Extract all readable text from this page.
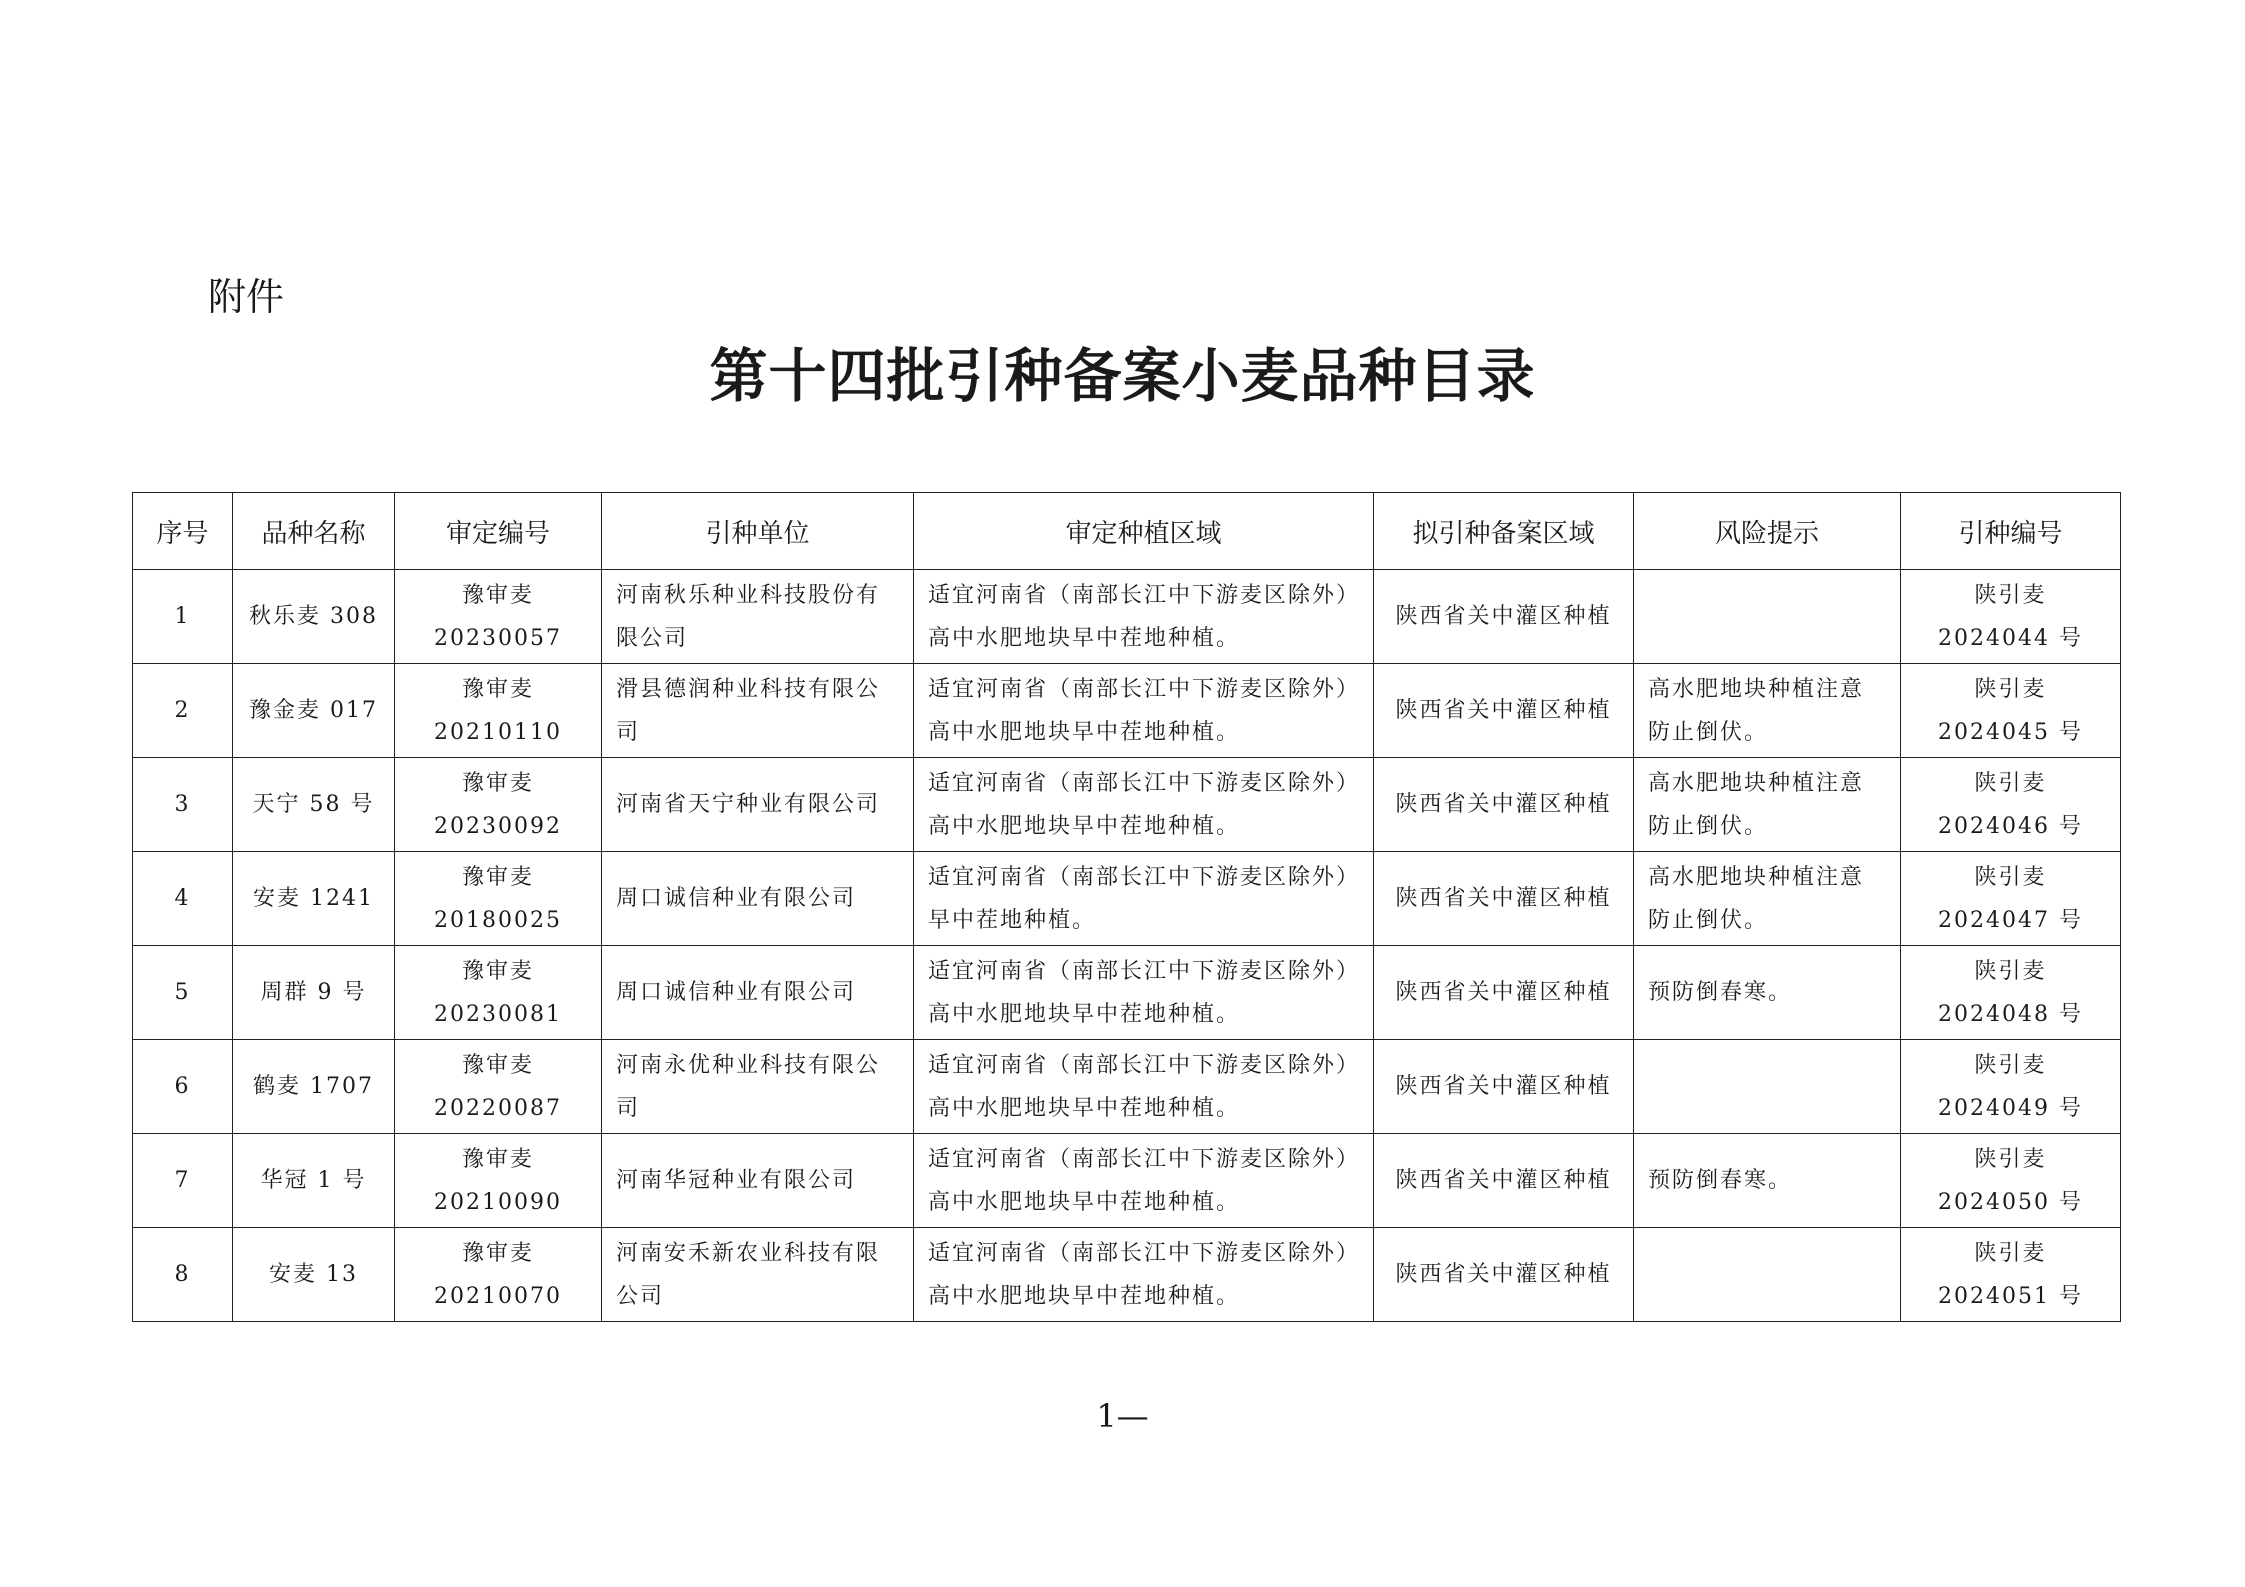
附件
第十四批引种备案小麦品种目录
序号	品种名称	审定编号	引种单位	审定种植区域	拟引种备案区域	风险提示	引种编号
1	秋乐麦 308	豫审麦 20230057	河南秋乐种业科技股份有限公司	适宜河南省（南部长江中下游麦区除外）高中水肥地块早中茬地种植。	陕西省关中灌区种植		陕引麦 2024044 号
2	豫金麦 017	豫审麦 20210110	滑县德润种业科技有限公司	适宜河南省（南部长江中下游麦区除外）高中水肥地块早中茬地种植。	陕西省关中灌区种植	高水肥地块种植注意防止倒伏。	陕引麦 2024045 号
3	天宁 58 号	豫审麦 20230092	河南省天宁种业有限公司	适宜河南省（南部长江中下游麦区除外）高中水肥地块早中茬地种植。	陕西省关中灌区种植	高水肥地块种植注意防止倒伏。	陕引麦 2024046 号
4	安麦 1241	豫审麦 20180025	周口诚信种业有限公司	适宜河南省（南部长江中下游麦区除外）早中茬地种植。	陕西省关中灌区种植	高水肥地块种植注意防止倒伏。	陕引麦 2024047 号
5	周群 9 号	豫审麦 20230081	周口诚信种业有限公司	适宜河南省（南部长江中下游麦区除外）高中水肥地块早中茬地种植。	陕西省关中灌区种植	预防倒春寒。	陕引麦 2024048 号
6	鹤麦 1707	豫审麦 20220087	河南永优种业科技有限公司	适宜河南省（南部长江中下游麦区除外）高中水肥地块早中茬地种植。	陕西省关中灌区种植		陕引麦 2024049 号
7	华冠 1 号	豫审麦 20210090	河南华冠种业有限公司	适宜河南省（南部长江中下游麦区除外）高中水肥地块早中茬地种植。	陕西省关中灌区种植	预防倒春寒。	陕引麦 2024050 号
8	安麦 13	豫审麦 20210070	河南安禾新农业科技有限公司	适宜河南省（南部长江中下游麦区除外）高中水肥地块早中茬地种植。	陕西省关中灌区种植		陕引麦 2024051 号
1—
